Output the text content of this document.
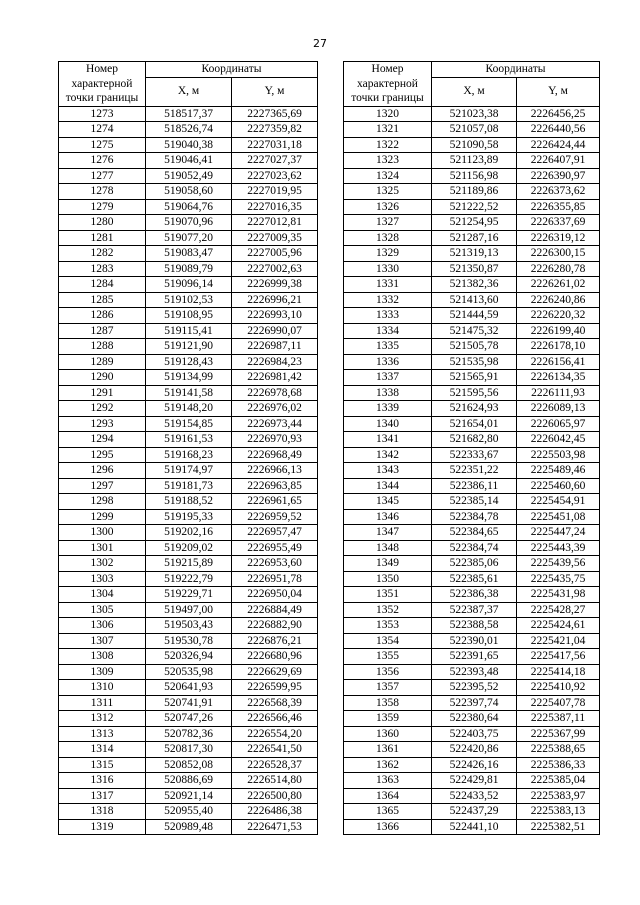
27
Номер
характерной
точки границы	Координаты	
	X, м	Y, м
1273	518517,37	2227365,69
1274	518526,74	2227359,82
1275	519040,38	2227031,18
1276	519046,41	2227027,37
1277	519052,49	2227023,62
1278	519058,60	2227019,95
1279	519064,76	2227016,35
1280	519070,96	2227012,81
1281	519077,20	2227009,35
1282	519083,47	2227005,96
1283	519089,79	2227002,63
1284	519096,14	2226999,38
1285	519102,53	2226996,21
1286	519108,95	2226993,10
1287	519115,41	2226990,07
1288	519121,90	2226987,11
1289	519128,43	2226984,23
1290	519134,99	2226981,42
1291	519141,58	2226978,68
1292	519148,20	2226976,02
1293	519154,85	2226973,44
1294	519161,53	2226970,93
1295	519168,23	2226968,49
1296	519174,97	2226966,13
1297	519181,73	2226963,85
1298	519188,52	2226961,65
1299	519195,33	2226959,52
1300	519202,16	2226957,47
1301	519209,02	2226955,49
1302	519215,89	2226953,60
1303	519222,79	2226951,78
1304	519229,71	2226950,04
1305	519497,00	2226884,49
1306	519503,43	2226882,90
1307	519530,78	2226876,21
1308	520326,94	2226680,96
1309	520535,98	2226629,69
1310	520641,93	2226599,95
1311	520741,91	2226568,39
1312	520747,26	2226566,46
1313	520782,36	2226554,20
1314	520817,30	2226541,50
1315	520852,08	2226528,37
1316	520886,69	2226514,80
1317	520921,14	2226500,80
1318	520955,40	2226486,38
1319	520989,48	2226471,53
Номер
характерной
точки границы	Координаты	
	X, м	Y, м
1320	521023,38	2226456,25
1321	521057,08	2226440,56
1322	521090,58	2226424,44
1323	521123,89	2226407,91
1324	521156,98	2226390,97
1325	521189,86	2226373,62
1326	521222,52	2226355,85
1327	521254,95	2226337,69
1328	521287,16	2226319,12
1329	521319,13	2226300,15
1330	521350,87	2226280,78
1331	521382,36	2226261,02
1332	521413,60	2226240,86
1333	521444,59	2226220,32
1334	521475,32	2226199,40
1335	521505,78	2226178,10
1336	521535,98	2226156,41
1337	521565,91	2226134,35
1338	521595,56	2226111,93
1339	521624,93	2226089,13
1340	521654,01	2226065,97
1341	521682,80	2226042,45
1342	522333,67	2225503,98
1343	522351,22	2225489,46
1344	522386,11	2225460,60
1345	522385,14	2225454,91
1346	522384,78	2225451,08
1347	522384,65	2225447,24
1348	522384,74	2225443,39
1349	522385,06	2225439,56
1350	522385,61	2225435,75
1351	522386,38	2225431,98
1352	522387,37	2225428,27
1353	522388,58	2225424,61
1354	522390,01	2225421,04
1355	522391,65	2225417,56
1356	522393,48	2225414,18
1357	522395,52	2225410,92
1358	522397,74	2225407,78
1359	522380,64	2225387,11
1360	522403,75	2225367,99
1361	522420,86	2225388,65
1362	522426,16	2225386,33
1363	522429,81	2225385,04
1364	522433,52	2225383,97
1365	522437,29	2225383,13
1366	522441,10	2225382,51
